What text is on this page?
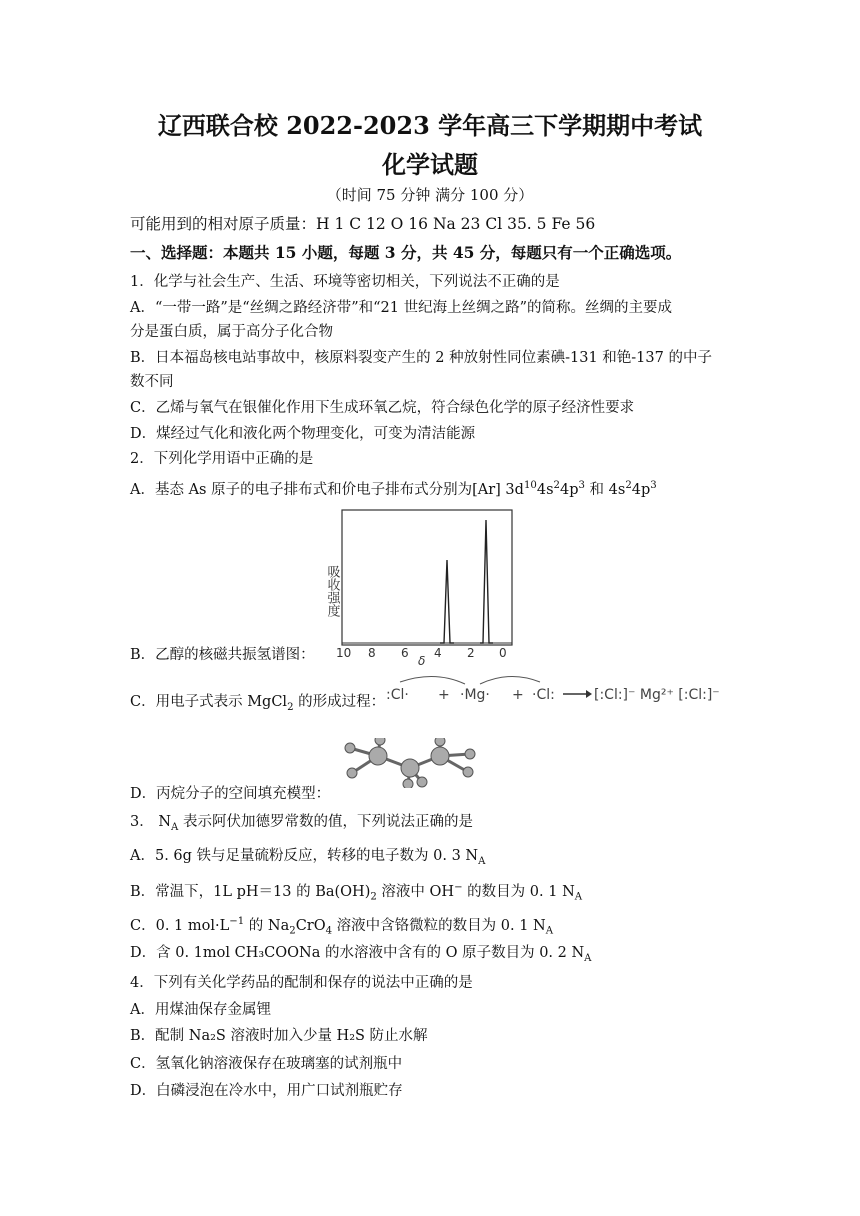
辽西联合校 2022-2023 学年高三下学期期中考试
化学试题
（时间 75 分钟 满分 100 分）
可能用到的相对原子质量：H 1 C 12 O 16 Na 23 Cl 35. 5 Fe 56
一、选择题：本题共 15 小题，每题 3 分，共 45 分，每题只有一个正确选项。
1．化学与社会生产、生活、环境等密切相关，下列说法不正确的是
A．“一带一路”是“丝绸之路经济带”和“21 世纪海上丝绸之路”的简称。丝绸的主要成
分是蛋白质，属于高分子化合物
B．日本福岛核电站事故中，核原料裂变产生的 2 种放射性同位素碘-131 和铯-137 的中子
数不同
C．乙烯与氧气在银催化作用下生成环氧乙烷，符合绿色化学的原子经济性要求
D．煤经过气化和液化两个物理变化，可变为清洁能源
2．下列化学用语中正确的是
A．基态 As 原子的电子排布式和价电子排布式分别为[Ar] $3d^{10}4s^24p^3$ 和 $4s^24p^3$
吸收强度
10 8 6 4 2 0
δ
B．乙醇的核磁共振氢谱图：
C．用电子式表示 MgCl$_2$ 的形成过程： :Cl· + ·Mg· + ·Cl:	[:Cl:]⁻ Mg²⁺ [:Cl:]⁻
D．丙烷分子的空间填充模型：
3． $N_A$ 表示阿伏加德罗常数的值，下列说法正确的是
A．5. 6g 铁与足量硫粉反应，转移的电子数为 0. 3 $N_A$
B．常温下，1L pH＝13 的 $Ba(OH)_2$ 溶液中 OH− 的数目为 0. 1 $N_A$
C．0. 1 $mol\cdot L^{-1}$ 的 $Na_2CrO_4$ 溶液中含铬微粒的数目为 0. 1 $N_A$
D．含 0. 1mol CH₃COONa 的水溶液中含有的 O 原子数目为 0. 2 $N_A$
4．下列有关化学药品的配制和保存的说法中正确的是
A．用煤油保存金属锂
B．配制 Na₂S 溶液时加入少量 H₂S 防止水解
C．氢氧化钠溶液保存在玻璃塞的试剂瓶中
D．白磷浸泡在冷水中，用广口试剂瓶贮存
